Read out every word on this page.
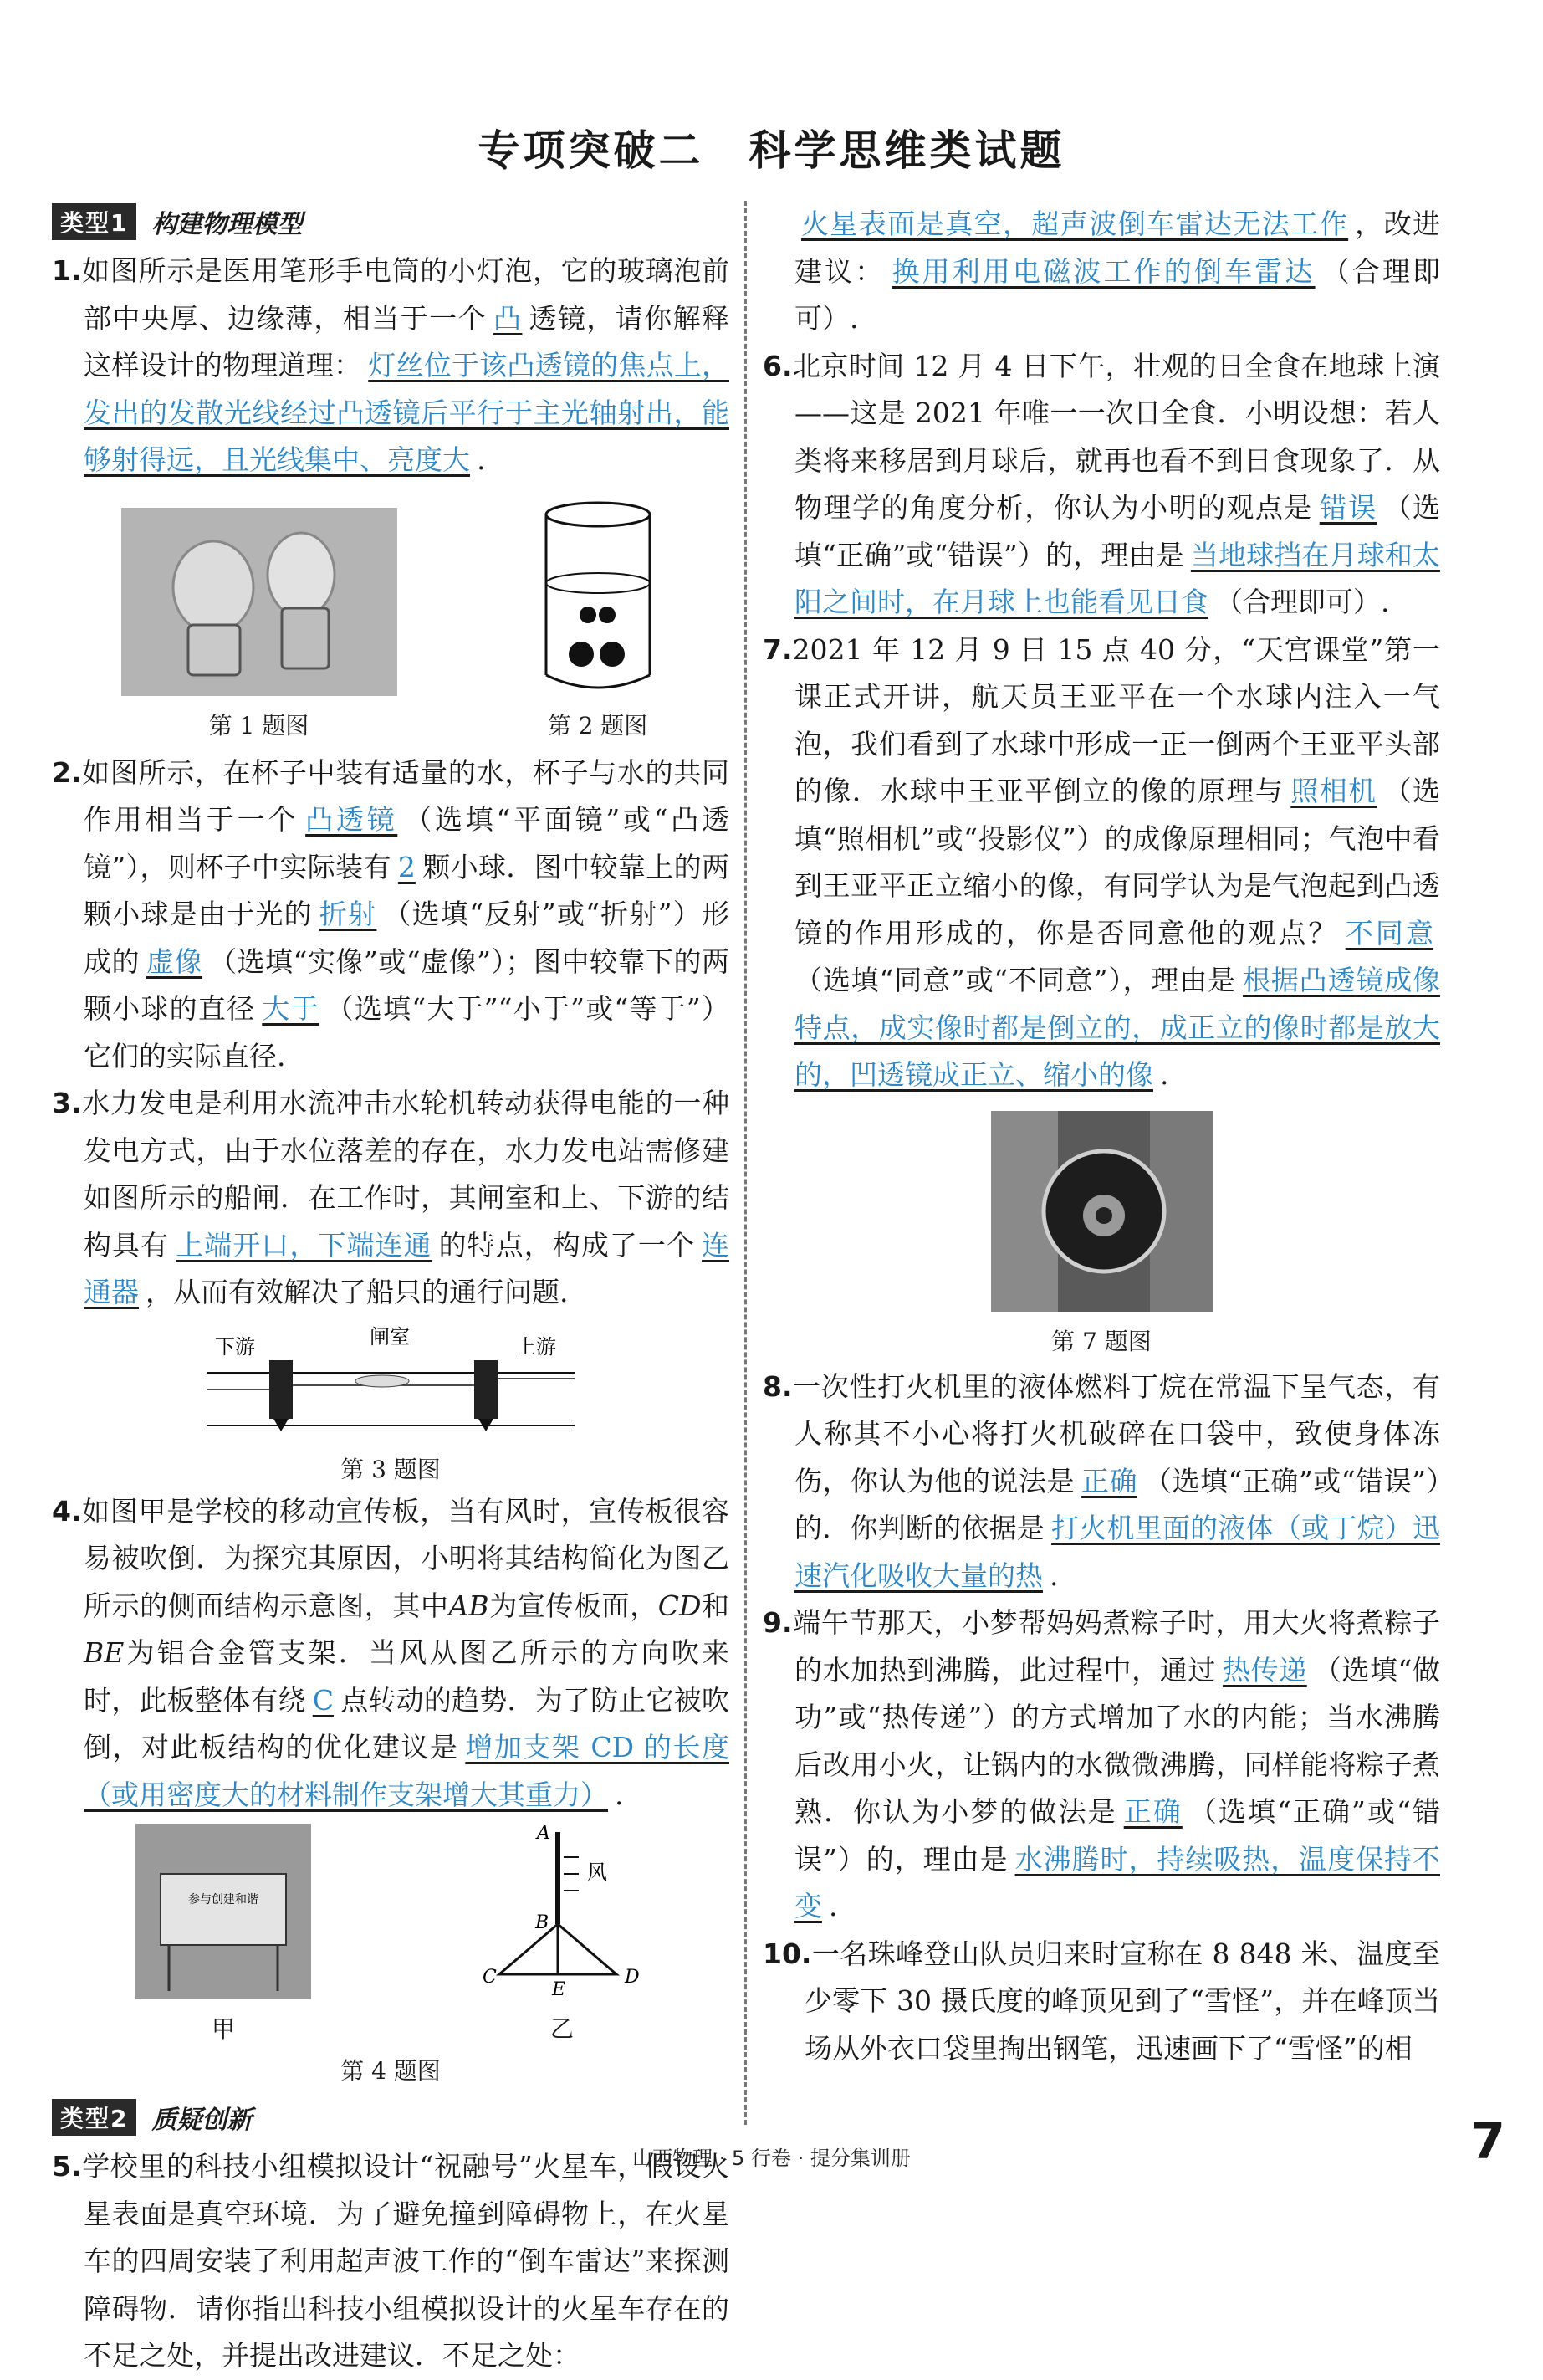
专项突破二　科学思维类试题
类型1 构建物理模型

1.如图所示是医用笔形手电筒的小灯泡，它的玻璃泡前部中央厚、边缘薄，相当于一个 凸 透镜，请你解释这样设计的物理道理： 灯丝位于该凸透镜的焦点上，发出的发散光线经过凸透镜后平行于主光轴射出，能够射得远，且光线集中、亮度大 .

第 1 题图	第 2 题图

2.如图所示，在杯子中装有适量的水，杯子与水的共同作用相当于一个 凸透镜 （选填“平面镜”或“凸透镜”），则杯子中实际装有 2 颗小球．图中较靠上的两颗小球是由于光的 折射 （选填“反射”或“折射”）形成的 虚像 （选填“实像”或“虚像”）；图中较靠下的两颗小球的直径 大于 （选填“大于”“小于”或“等于”）它们的实际直径.

3.水力发电是利用水流冲击水轮机转动获得电能的一种发电方式，由于水位落差的存在，水力发电站需修建如图所示的船闸．在工作时，其闸室和上、下游的结构具有 上端开口，下端连通 的特点，构成了一个 连通器 ，从而有效解决了船只的通行问题.

下游	闸室	上游
第 3 题图

4.如图甲是学校的移动宣传板，当有风时，宣传板很容易被吹倒．为探究其原因，小明将其结构简化为图乙所示的侧面结构示意图，其中AB为宣传板面，CD和BE为铝合金管支架．当风从图乙所示的方向吹来时，此板整体有绕 C 点转动的趋势．为了防止它被吹倒，对此板结构的优化建议是 增加支架 CD 的长度（或用密度大的材料制作支架增大其重力） .

参与创建和谐
甲
A
风
B
C	D
E
乙
第 4 题图
类型2 质疑创新

5.学校里的科技小组模拟设计“祝融号”火星车，假设火星表面是真空环境．为了避免撞到障碍物上，在火星车的四周安装了利用超声波工作的“倒车雷达”来探测障碍物．请你指出科技小组模拟设计的火星车存在的不足之处，并提出改进建议．不足之处：

火星表面是真空，超声波倒车雷达无法工作 ，改进建议： 换用利用电磁波工作的倒车雷达 （合理即可）.

6.北京时间 12 月 4 日下午，壮观的日全食在地球上演——这是 2021 年唯一一次日全食．小明设想：若人类将来移居到月球后，就再也看不到日食现象了．从物理学的角度分析，你认为小明的观点是 错误 （选填“正确”或“错误”）的，理由是 当地球挡在月球和太阳之间时，在月球上也能看见日食 （合理即可）.

7.2021 年 12 月 9 日 15 点 40 分，“天宫课堂”第一课正式开讲，航天员王亚平在一个水球内注入一气泡，我们看到了水球中形成一正一倒两个王亚平头部的像．水球中王亚平倒立的像的原理与 照相机 （选填“照相机”或“投影仪”）的成像原理相同；气泡中看到王亚平正立缩小的像，有同学认为是气泡起到凸透镜的作用形成的，你是否同意他的观点？ 不同意（选填“同意”或“不同意”），理由是 根据凸透镜成像特点，成实像时都是倒立的，成正立的像时都是放大的，凹透镜成正立、缩小的像 .

第 7 题图

8.一次性打火机里的液体燃料丁烷在常温下呈气态，有人称其不小心将打火机破碎在口袋中，致使身体冻伤，你认为他的说法是 正确 （选填“正确”或“错误”）的．你判断的依据是 打火机里面的液体（或丁烷）迅速汽化吸收大量的热 .

9.端午节那天，小梦帮妈妈煮粽子时，用大火将煮粽子的水加热到沸腾，此过程中，通过 热传递 （选填“做功”或“热传递”）的方式增加了水的内能；当水沸腾后改用小火，让锅内的水微微沸腾，同样能将粽子煮熟．你认为小梦的做法是 正确 （选填“正确”或“错误”）的，理由是 水沸腾时，持续吸热，温度保持不变 .

10.一名珠峰登山队员归来时宣称在 8 848 米、温度至少零下 30 摄氏度的峰顶见到了“雪怪”，并在峰顶当场从外衣口袋里掏出钢笔，迅速画下了“雪怪”的相

山西物理 · 5 行卷 · 提分集训册	7
